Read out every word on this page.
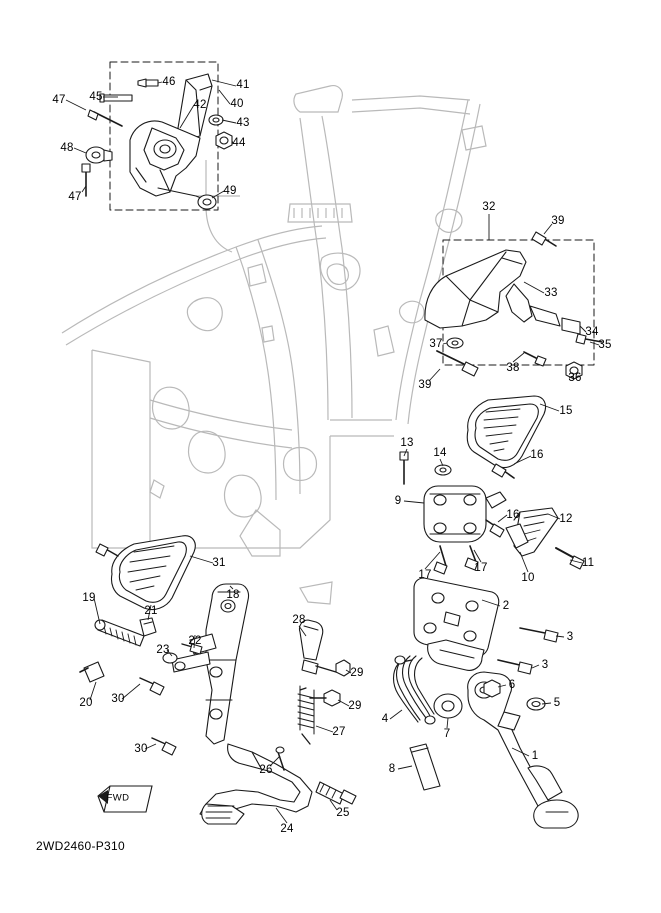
FWD
46	41
45
40
47	42
43
48	44
47	49
32
39
33
34
35
37
38
36
39
15
13
14	16
9
16	12
31
17
17
10
11
19	18
2
21
28
3
22
23
3
29
6
20 30
29	5
4
27	7
30
26
1
8
25
24
2WD2460-P310
